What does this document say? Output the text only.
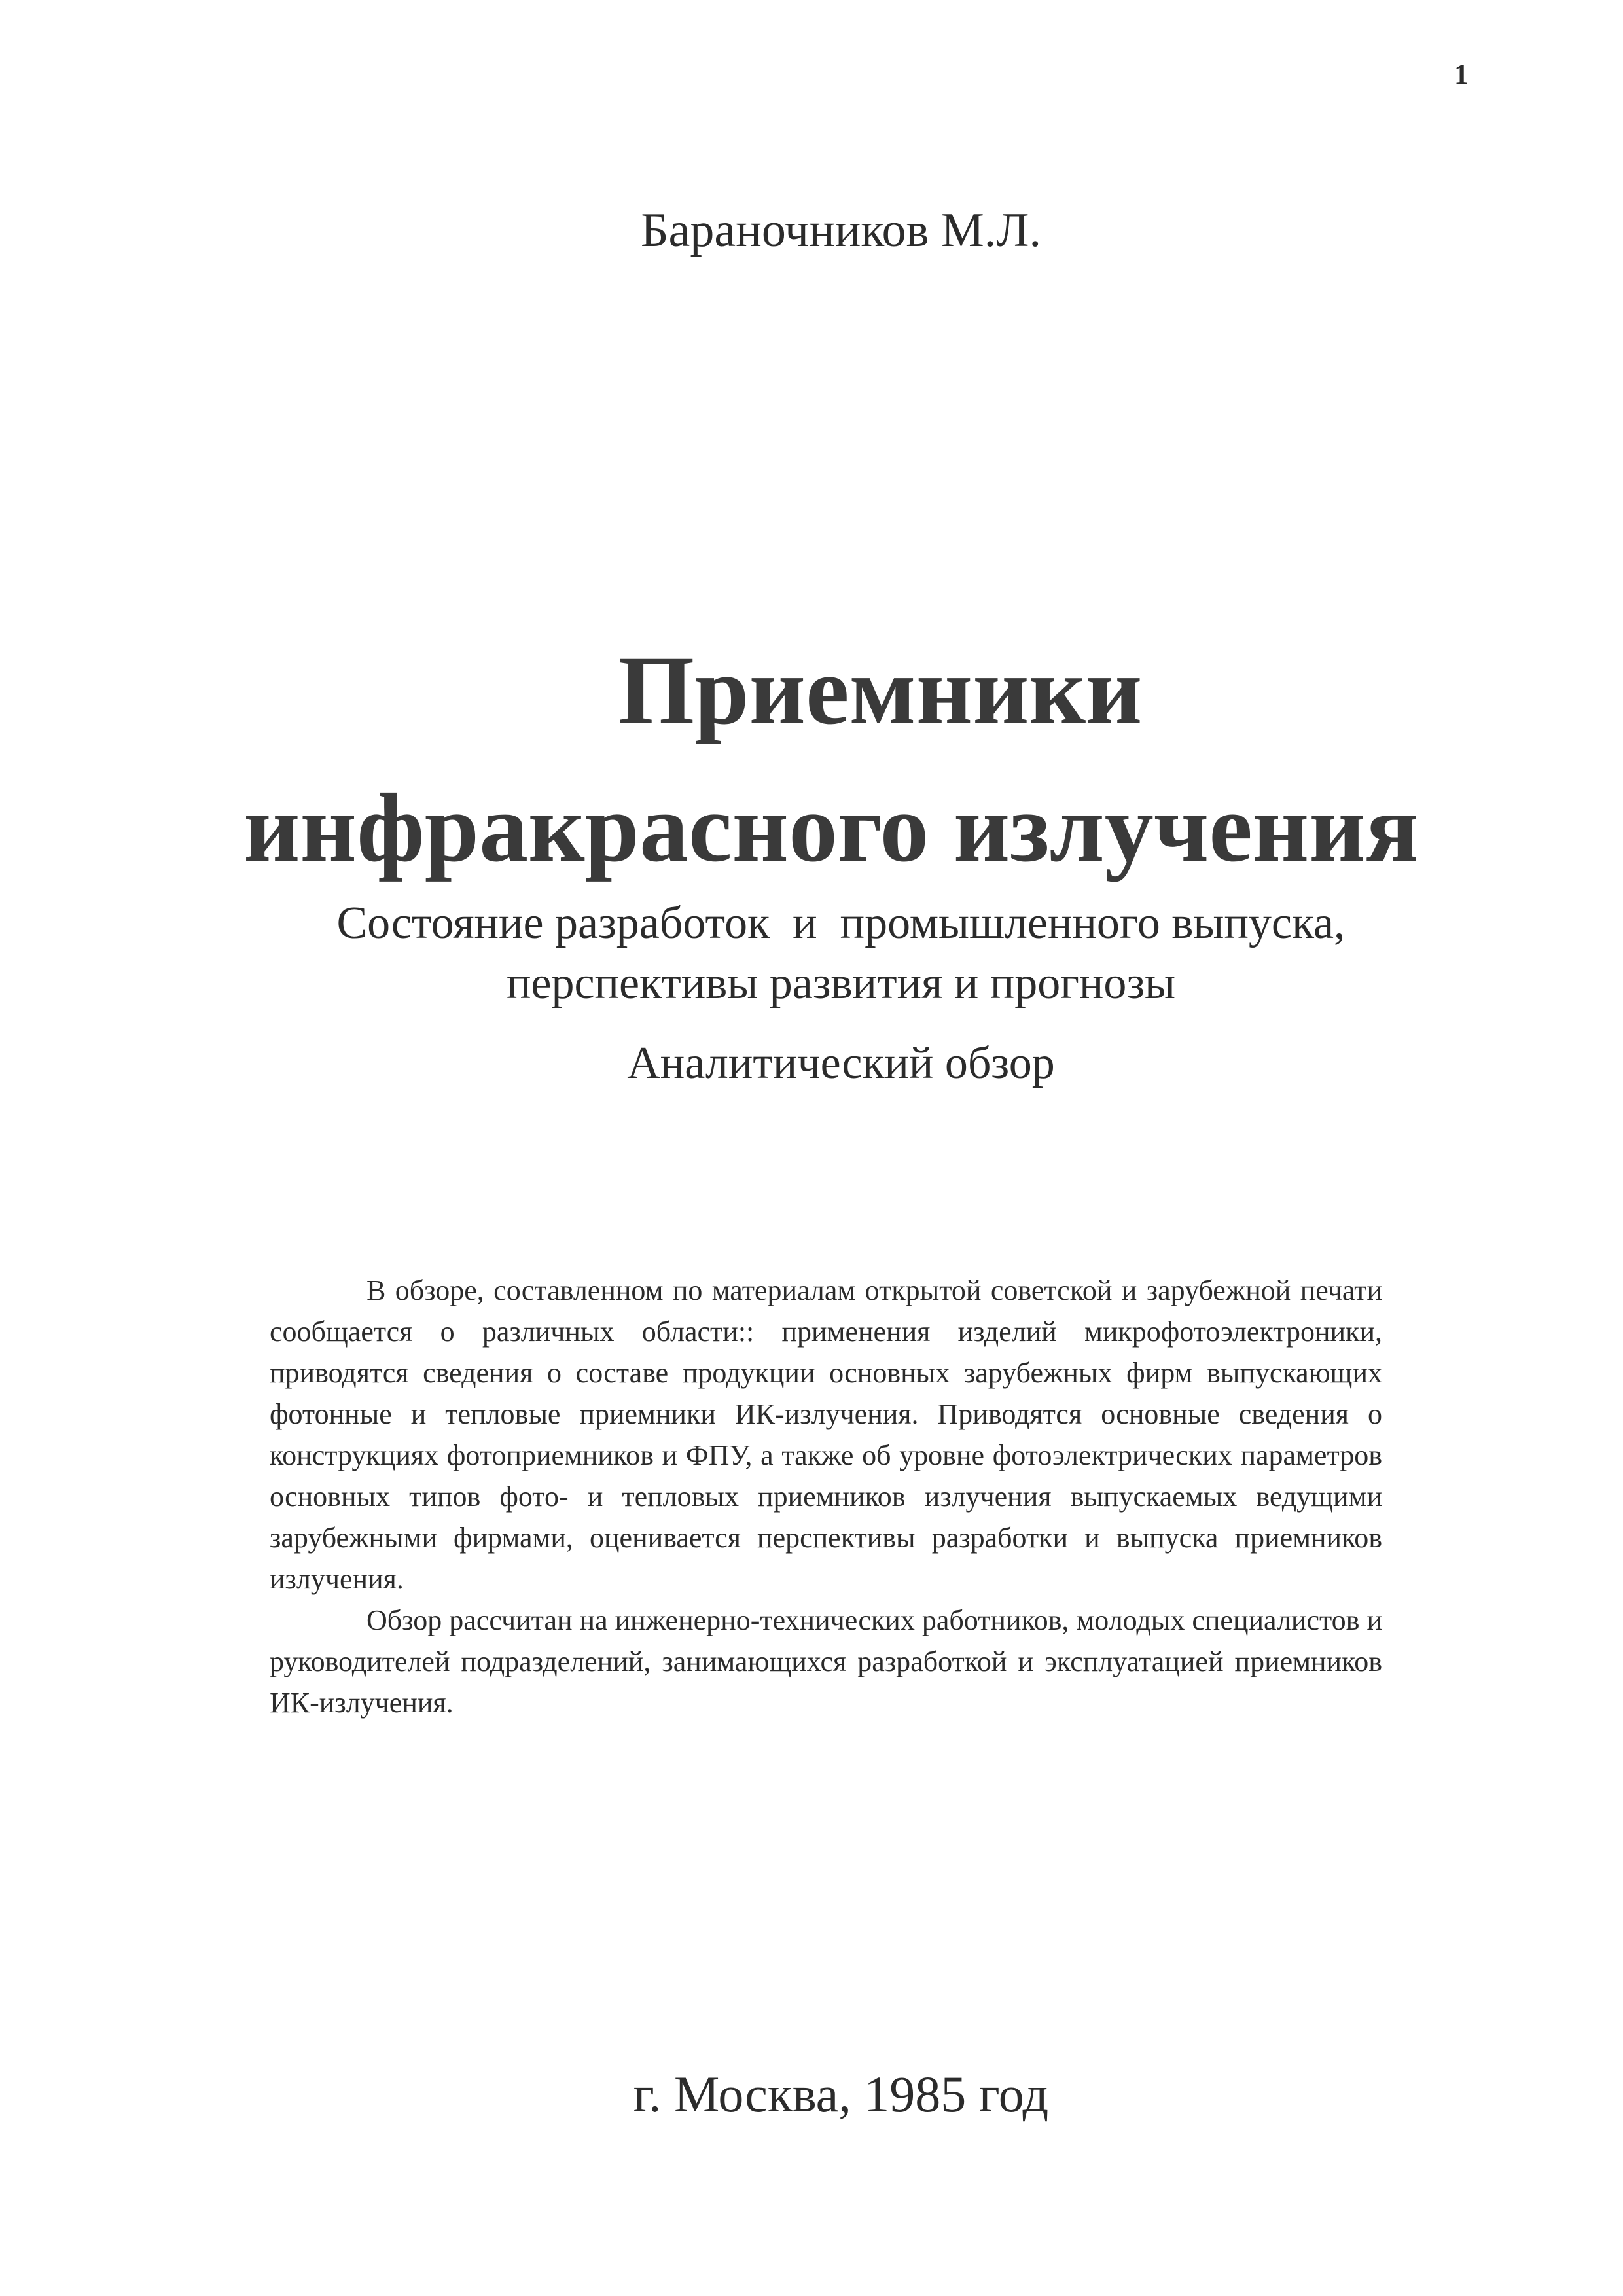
1
Бараночников М.Л.
Приемники
инфракрасного излучения
Состояние разработок  и  промышленного выпуска,
перспективы развития и прогнозы
Аналитический обзор

В обзоре, составленном по материалам открытой советской и зарубежной печати сообщается о различных области:: применения изделий микрофотоэлектроники, приводятся сведения о составе продукции основных зарубежных фирм выпускающих фотонные и тепловые приемники ИК-излучения. Приводятся основные сведения о конструкциях фотоприемников и ФПУ, а также об уровне фотоэлектрических параметров основных типов фото- и тепловых приемников излучения выпускаемых ведущими зарубежными фирмами, оценивается перспективы разработки и выпуска приемников излучения.

Обзор рассчитан на инженерно-технических работников, молодых специалистов и руководителей подразделений, занимающихся разработкой и эксплуатацией приемников ИК-излучения.

г. Москва, 1985 год
